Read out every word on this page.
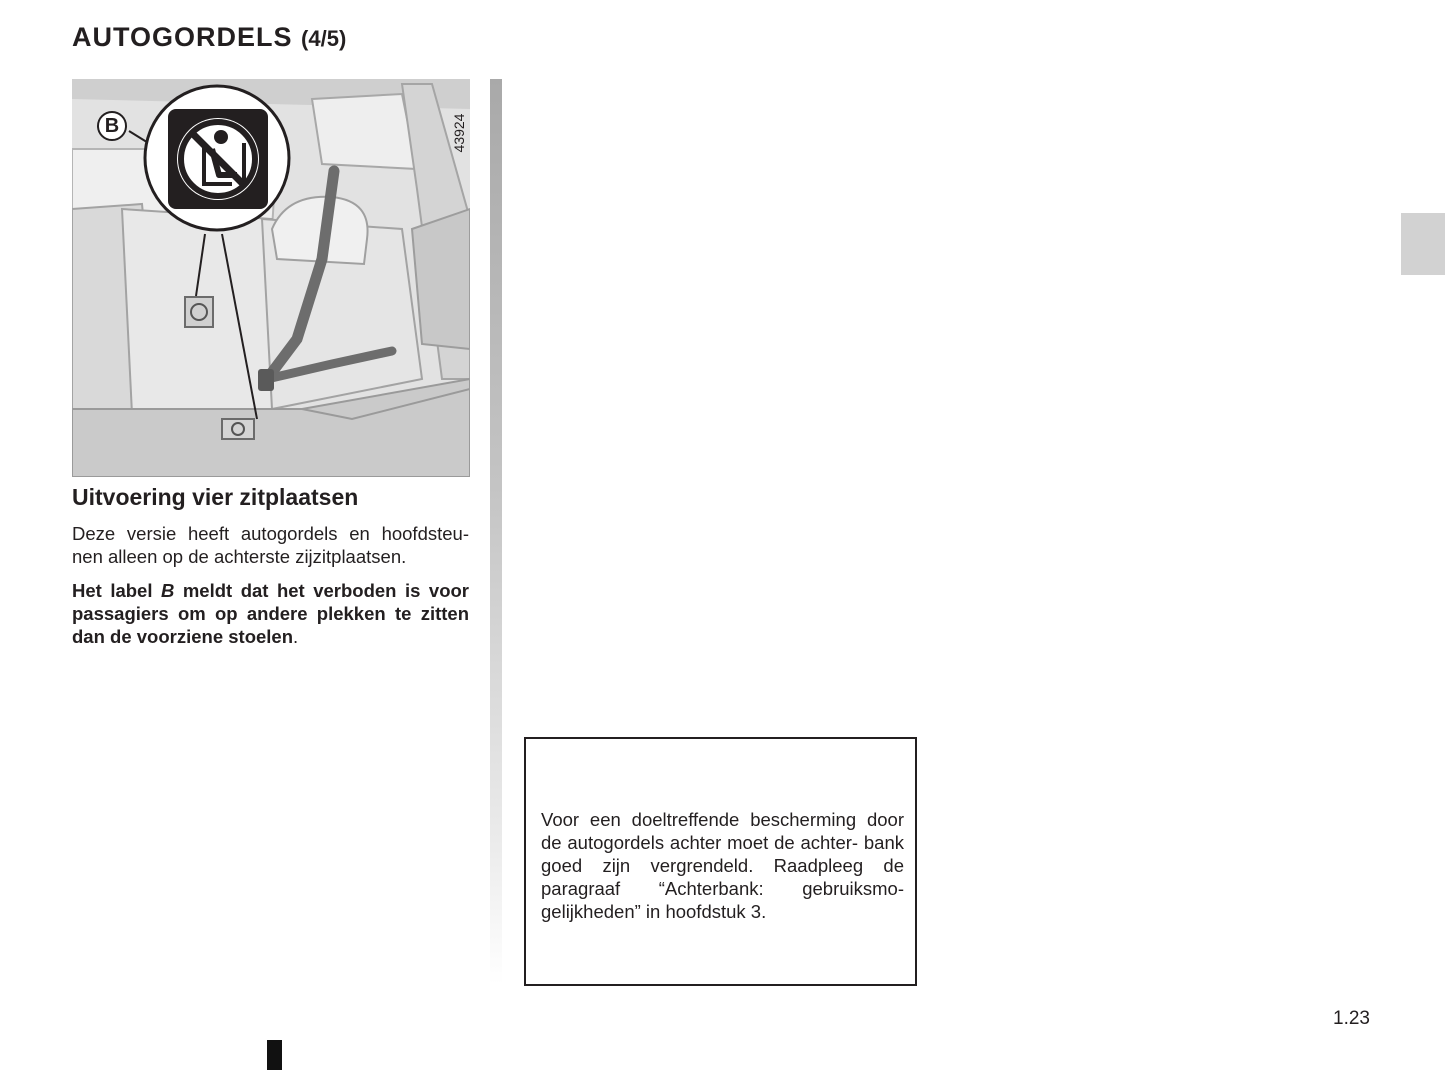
AUTOGORDELS (4/5)
43924
B
Uitvoering vier zitplaatsen

Deze versie heeft autogordels en hoofdsteu- nen alleen op de achterste zijzitplaatsen.

Het label B meldt dat het verboden is voor passagiers om op andere plekken te zitten dan de voorziene stoelen.

Voor een doeltreffende bescherming door de autogordels achter moet de achter- bank goed zijn vergrendeld. Raadpleeg de paragraaf “Achterbank: gebruiksmo- gelijkheden” in hoofdstuk 3.

1.23
